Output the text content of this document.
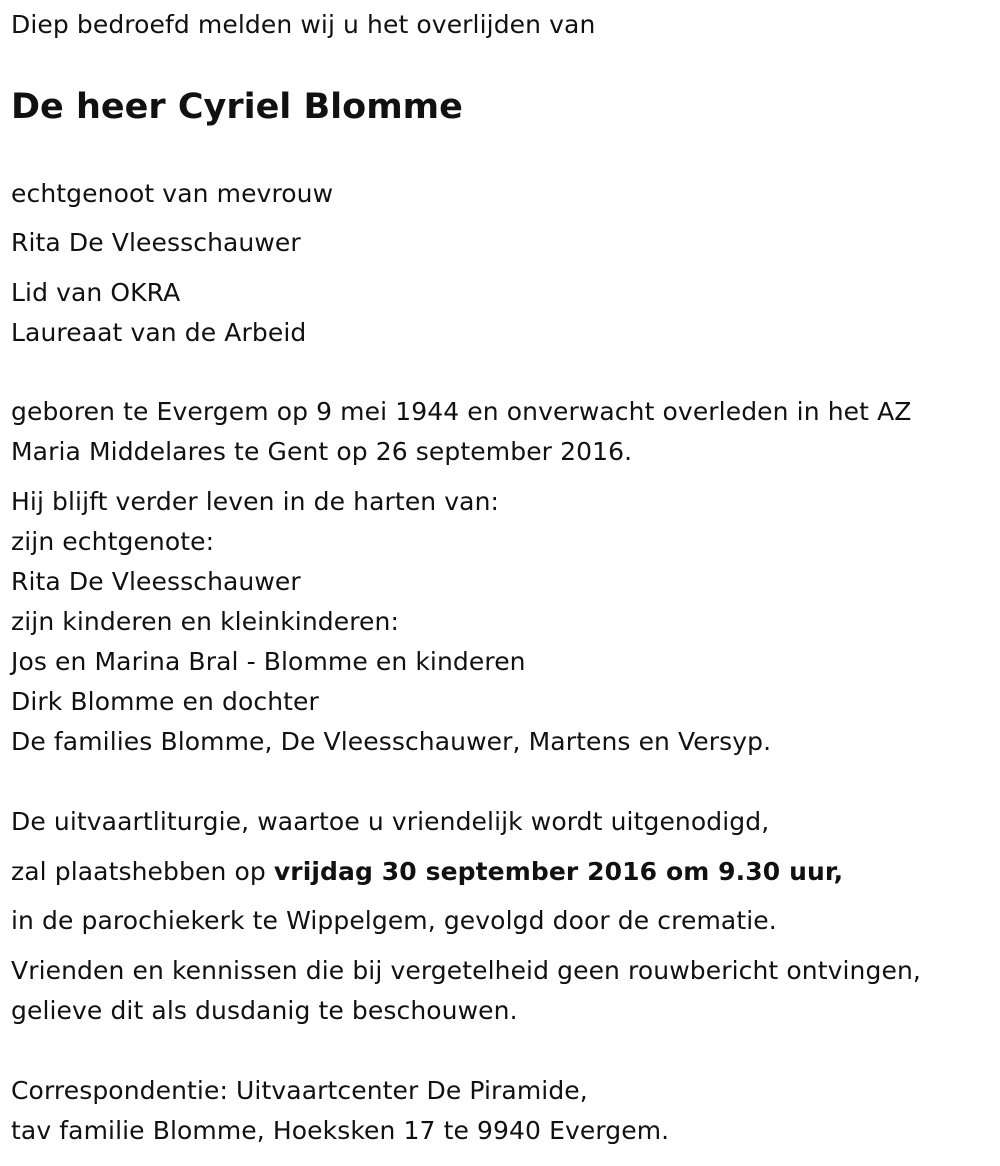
Diep bedroefd melden wij u het overlijden van
De heer Cyriel Blomme
echtgenoot van mevrouw
Rita De Vleesschauwer
Lid van OKRA
Laureaat van de Arbeid
geboren te Evergem op 9 mei 1944 en onverwacht overleden in het AZ
Maria Middelares te Gent op 26 september 2016.
Hij blijft verder leven in de harten van:
zijn echtgenote:
Rita De Vleesschauwer
zijn kinderen en kleinkinderen:
Jos en Marina Bral - Blomme en kinderen
Dirk Blomme en dochter
De families Blomme, De Vleesschauwer, Martens en Versyp.
De uitvaartliturgie, waartoe u vriendelijk wordt uitgenodigd,
zal plaatshebben op vrijdag 30 september 2016 om 9.30 uur,
in de parochiekerk te Wippelgem, gevolgd door de crematie.
Vrienden en kennissen die bij vergetelheid geen rouwbericht ontvingen,
gelieve dit als dusdanig te beschouwen.
Correspondentie: Uitvaartcenter De Piramide,
tav familie Blomme, Hoeksken 17 te 9940 Evergem.
